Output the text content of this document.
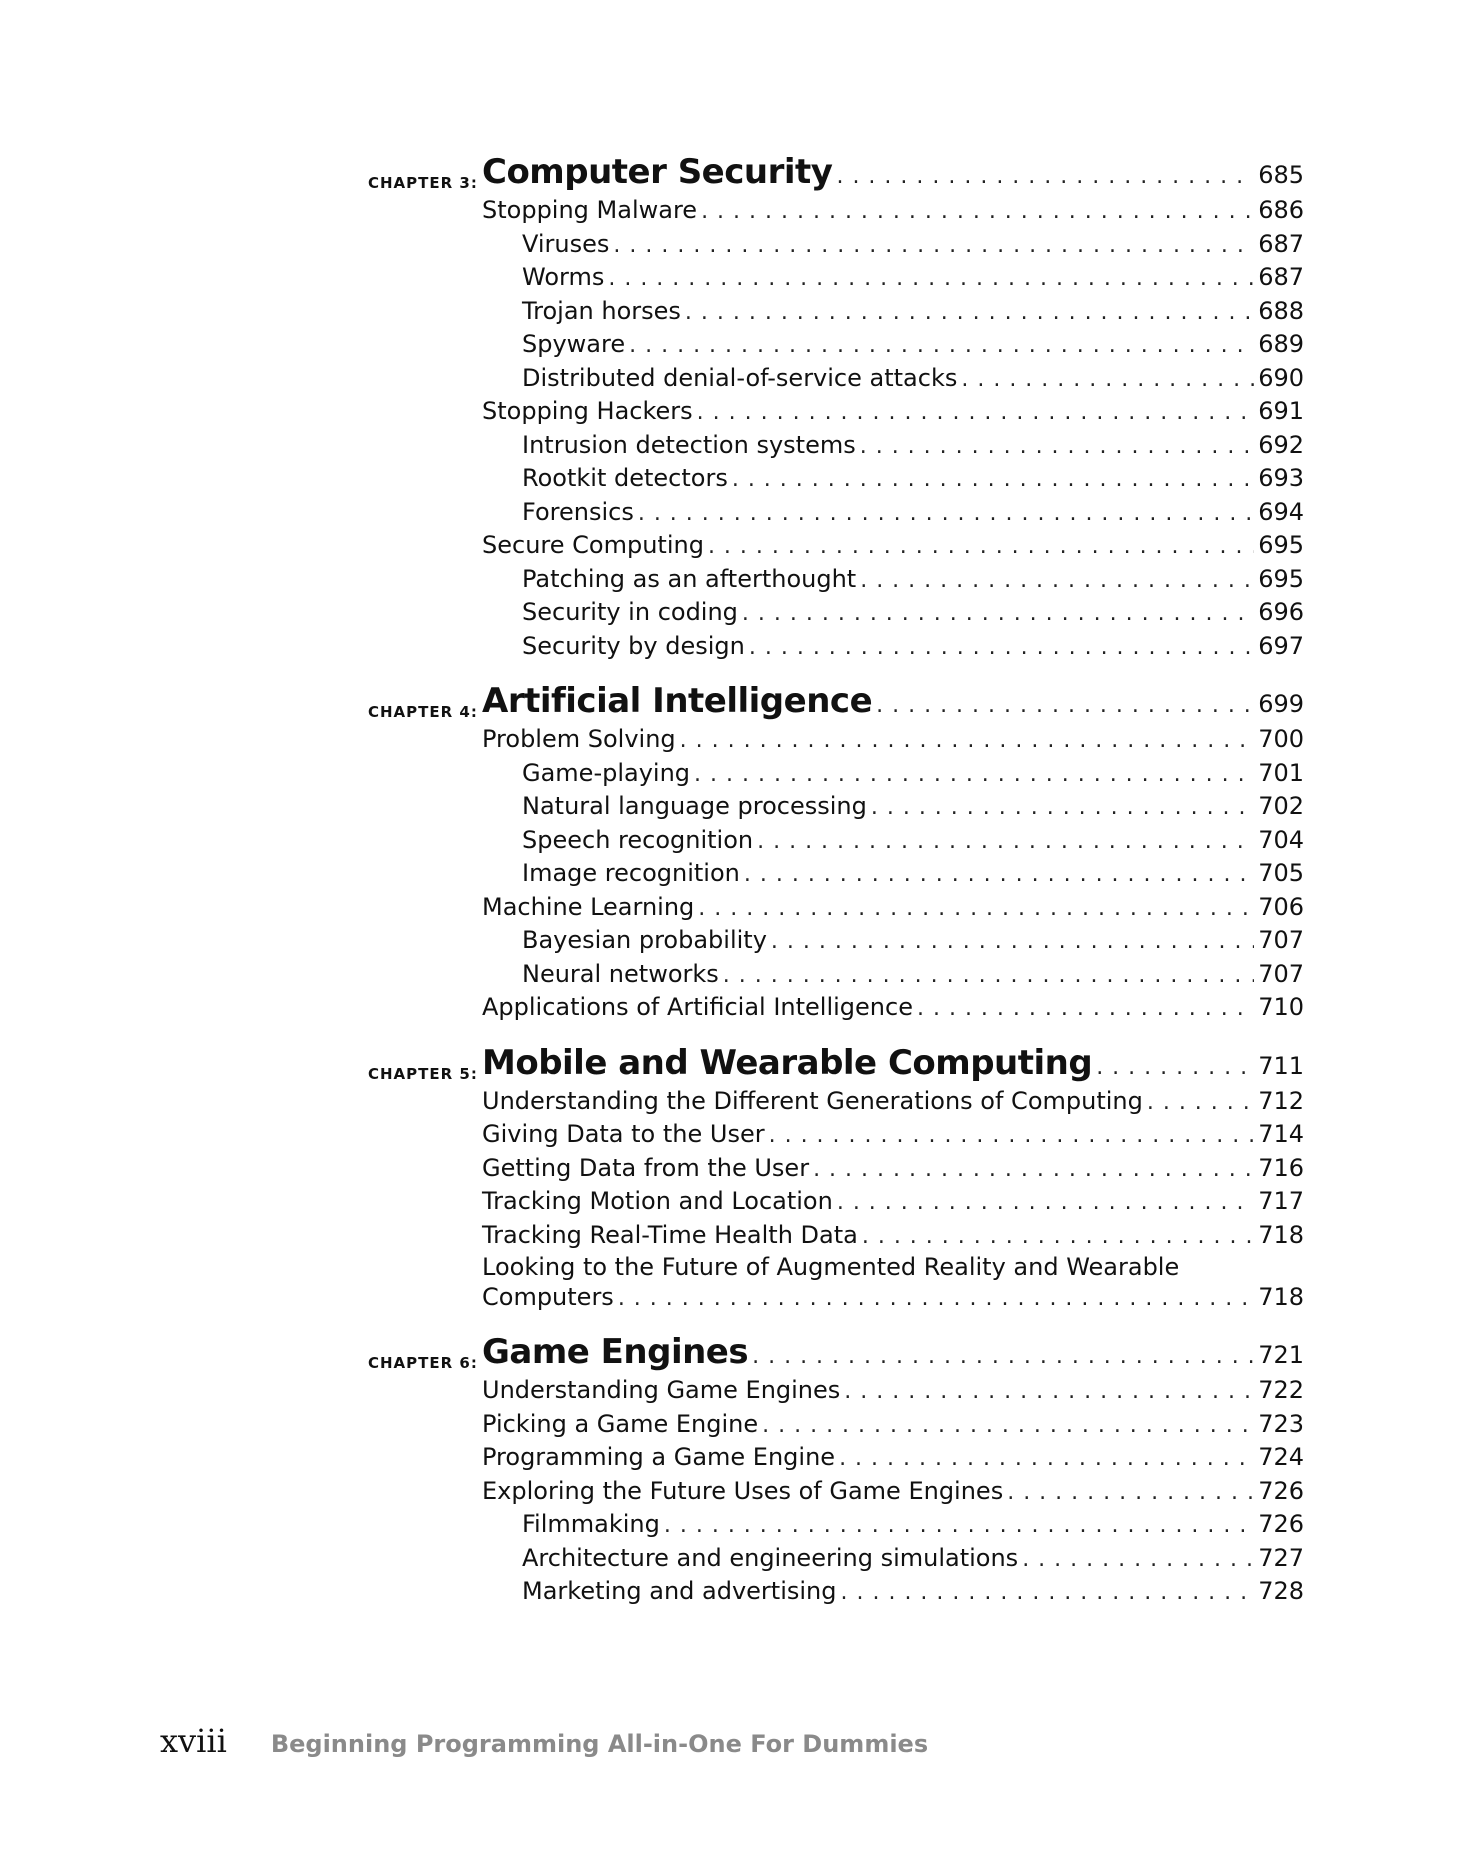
CHAPTER 3: Computer Security . . .	685
Stopping Malware . . .	686
Viruses . . .	687
Worms . . .	687
Trojan horses . . .	688
Spyware . . .	689
Distributed denial-of-service attacks . . .	690
Stopping Hackers . . .	691
Intrusion detection systems . . .	692
Rootkit detectors . . .	693
Forensics . . .	694
Secure Computing . . .	695
Patching as an afterthought . . .	695
Security in coding . . .	696
Security by design . . .	697
CHAPTER 4: Artificial Intelligence . . .	699
Problem Solving . . .	700
Game-playing . . .	701
Natural language processing . . .	702
Speech recognition . . .	704
Image recognition . . .	705
Machine Learning . . .	706
Bayesian probability . . .	707
Neural networks . . .	707
Applications of Artificial Intelligence . . .	710
CHAPTER 5: Mobile and Wearable Computing . . .	711
Understanding the Different Generations of Computing . . .	712
Giving Data to the User . . .	714
Getting Data from the User . . .	716
Tracking Motion and Location . . .	717
Tracking Real-Time Health Data . . .	718
Looking to the Future of Augmented Reality and Wearable
Computers . . .	718
CHAPTER 6: Game Engines . . .	721
Understanding Game Engines . . .	722
Picking a Game Engine . . .	723
Programming a Game Engine . . .	724
Exploring the Future Uses of Game Engines . . .	726
Filmmaking . . .	726
Architecture and engineering simulations . . .	727
Marketing and advertising . . .	728
xviii Beginning Programming All-in-One For Dummies
